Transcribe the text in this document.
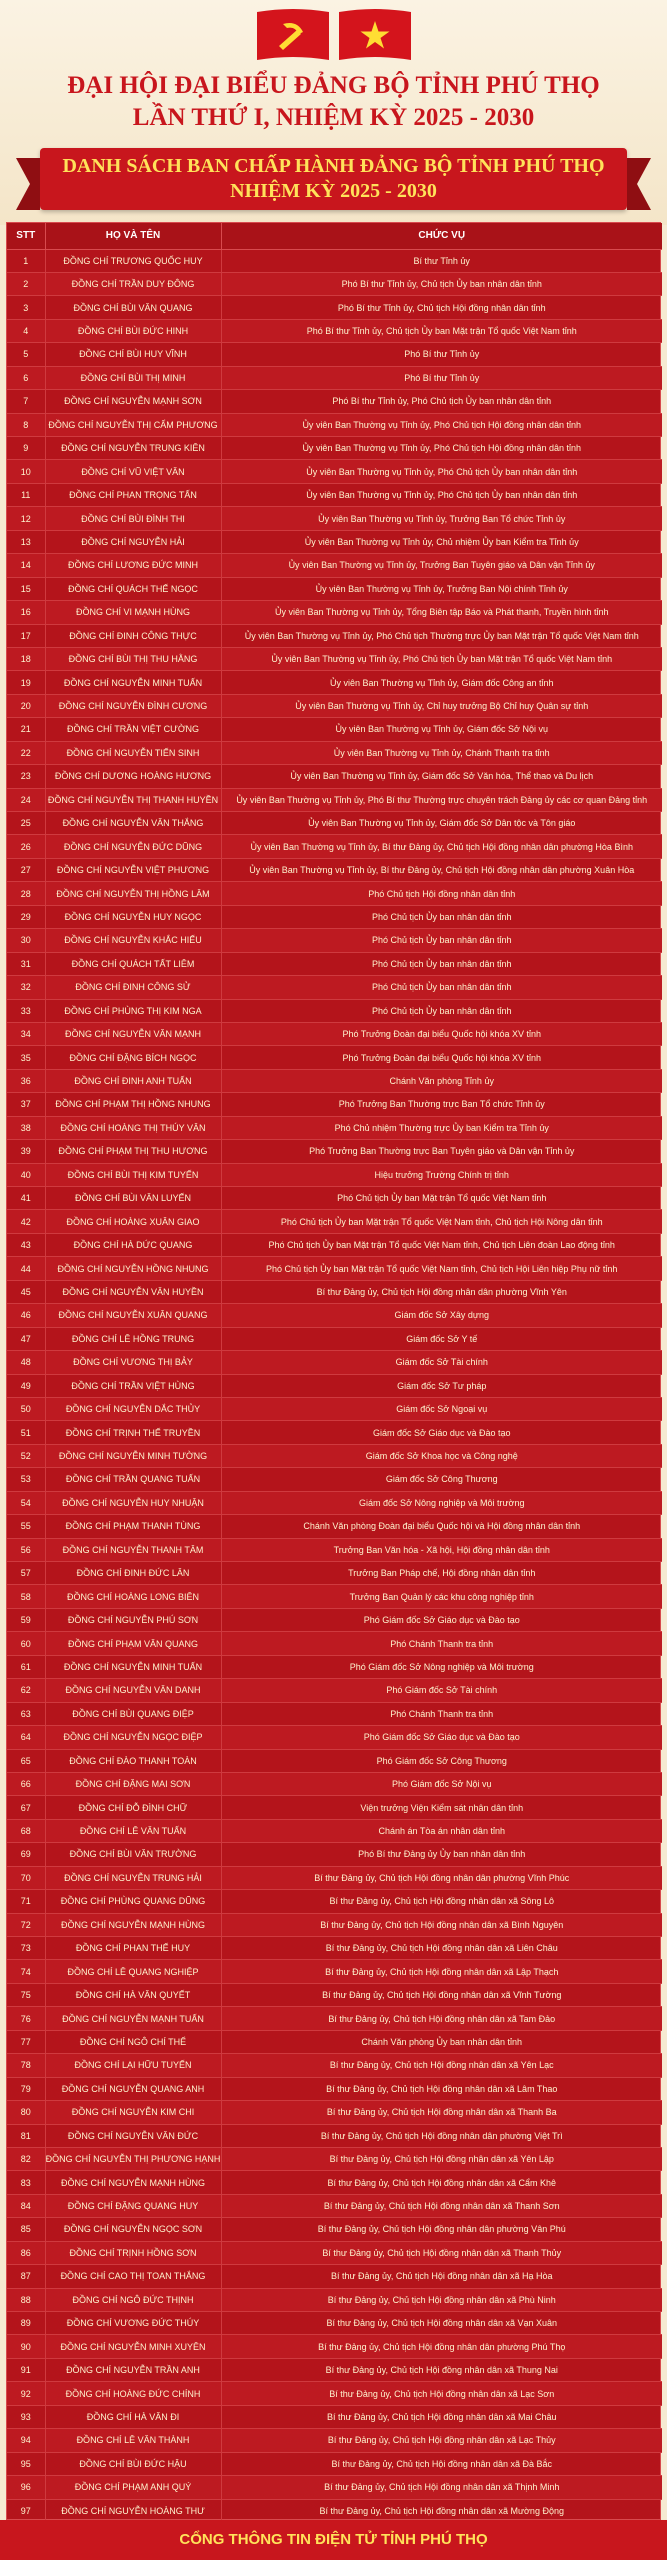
ĐẠI HỘI ĐẠI BIỂU ĐẢNG BỘ TỈNH PHÚ THỌ
LẦN THỨ I, NHIỆM KỲ 2025 - 2030
DANH SÁCH BAN CHẤP HÀNH ĐẢNG BỘ TỈNH PHÚ THỌ
NHIỆM KỲ 2025 - 2030
STT	HỌ VÀ TÊN	CHỨC VỤ
1	ĐỒNG CHÍ TRƯƠNG QUỐC HUY	Bí thư Tỉnh ủy
2	ĐỒNG CHÍ TRẦN DUY ĐÔNG	Phó Bí thư Tỉnh ủy, Chủ tịch Ủy ban nhân dân tỉnh
3	ĐỒNG CHÍ BÙI VĂN QUANG	Phó Bí thư Tỉnh ủy, Chủ tịch Hội đồng nhân dân tỉnh
4	ĐỒNG CHÍ BÙI ĐỨC HINH	Phó Bí thư Tỉnh ủy, Chủ tịch Ủy ban Mặt trận Tổ quốc Việt Nam tỉnh
5	ĐỒNG CHÍ BÙI HUY VĨNH	Phó Bí thư Tỉnh ủy
6	ĐỒNG CHÍ BÙI THỊ MINH	Phó Bí thư Tỉnh ủy
7	ĐỒNG CHÍ NGUYỄN MẠNH SƠN	Phó Bí thư Tỉnh ủy, Phó Chủ tịch Ủy ban nhân dân tỉnh
8	ĐỒNG CHÍ NGUYỄN THỊ CẨM PHƯƠNG	Ủy viên Ban Thường vụ Tỉnh ủy, Phó Chủ tịch Hội đồng nhân dân tỉnh
9	ĐỒNG CHÍ NGUYỄN TRUNG KIÊN	Ủy viên Ban Thường vụ Tỉnh ủy, Phó Chủ tịch Hội đồng nhân dân tỉnh
10	ĐỒNG CHÍ VŨ VIỆT VĂN	Ủy viên Ban Thường vụ Tỉnh ủy, Phó Chủ tịch Ủy ban nhân dân tỉnh
11	ĐỒNG CHÍ PHAN TRỌNG TẤN	Ủy viên Ban Thường vụ Tỉnh ủy, Phó Chủ tịch Ủy ban nhân dân tỉnh
12	ĐỒNG CHÍ BÙI ĐÌNH THI	Ủy viên Ban Thường vụ Tỉnh ủy, Trưởng Ban Tổ chức Tỉnh ủy
13	ĐỒNG CHÍ NGUYỄN HẢI	Ủy viên Ban Thường vụ Tỉnh ủy, Chủ nhiệm Ủy ban Kiểm tra Tỉnh ủy
14	ĐỒNG CHÍ LƯƠNG ĐỨC MINH	Ủy viên Ban Thường vụ Tỉnh ủy, Trưởng Ban Tuyên giáo và Dân vận Tỉnh ủy
15	ĐỒNG CHÍ QUÁCH THẾ NGỌC	Ủy viên Ban Thường vụ Tỉnh ủy, Trưởng Ban Nội chính Tỉnh ủy
16	ĐỒNG CHÍ VI MẠNH HÙNG	Ủy viên Ban Thường vụ Tỉnh ủy, Tổng Biên tập Báo và Phát thanh, Truyền hình tỉnh
17	ĐỒNG CHÍ ĐINH CÔNG THỰC	Ủy viên Ban Thường vụ Tỉnh ủy, Phó Chủ tịch Thường trực Ủy ban Mặt trận Tổ quốc Việt Nam tỉnh
18	ĐỒNG CHÍ BÙI THỊ THU HẰNG	Ủy viên Ban Thường vụ Tỉnh ủy, Phó Chủ tịch Ủy ban Mặt trận Tổ quốc Việt Nam tỉnh
19	ĐỒNG CHÍ NGUYỄN MINH TUẤN	Ủy viên Ban Thường vụ Tỉnh ủy, Giám đốc Công an tỉnh
20	ĐỒNG CHÍ NGUYỄN ĐÌNH CƯƠNG	Ủy viên Ban Thường vụ Tỉnh ủy, Chỉ huy trưởng Bộ Chỉ huy Quân sự tỉnh
21	ĐỒNG CHÍ TRẦN VIỆT CƯỜNG	Ủy viên Ban Thường vụ Tỉnh ủy, Giám đốc Sở Nội vụ
22	ĐỒNG CHÍ NGUYỄN TIẾN SINH	Ủy viên Ban Thường vụ Tỉnh ủy, Chánh Thanh tra tỉnh
23	ĐỒNG CHÍ DƯƠNG HOÀNG HƯƠNG	Ủy viên Ban Thường vụ Tỉnh ủy, Giám đốc Sở Văn hóa, Thể thao và Du lịch
24	ĐỒNG CHÍ NGUYỄN THỊ THANH HUYỀN	Ủy viên Ban Thường vụ Tỉnh ủy, Phó Bí thư Thường trực chuyên trách Đảng ủy các cơ quan Đảng tỉnh
25	ĐỒNG CHÍ NGUYỄN VĂN THẮNG	Ủy viên Ban Thường vụ Tỉnh ủy, Giám đốc Sở Dân tộc và Tôn giáo
26	ĐỒNG CHÍ NGUYỄN ĐỨC DŨNG	Ủy viên Ban Thường vụ Tỉnh ủy, Bí thư Đảng ủy, Chủ tịch Hội đồng nhân dân phường Hòa Bình
27	ĐỒNG CHÍ NGUYỄN VIỆT PHƯƠNG	Ủy viên Ban Thường vụ Tỉnh ủy, Bí thư Đảng ủy, Chủ tịch Hội đồng nhân dân phường Xuân Hòa
28	ĐỒNG CHÍ NGUYỄN THỊ HỒNG LÂM	Phó Chủ tịch Hội đồng nhân dân tỉnh
29	ĐỒNG CHÍ NGUYỄN HUY NGỌC	Phó Chủ tịch Ủy ban nhân dân tỉnh
30	ĐỒNG CHÍ NGUYỄN KHẮC HIẾU	Phó Chủ tịch Ủy ban nhân dân tỉnh
31	ĐỒNG CHÍ QUÁCH TẤT LIÊM	Phó Chủ tịch Ủy ban nhân dân tỉnh
32	ĐỒNG CHÍ ĐINH CÔNG SỬ	Phó Chủ tịch Ủy ban nhân dân tỉnh
33	ĐỒNG CHÍ PHÙNG THỊ KIM NGA	Phó Chủ tịch Ủy ban nhân dân tỉnh
34	ĐỒNG CHÍ NGUYỄN VĂN MẠNH	Phó Trưởng Đoàn đại biểu Quốc hội khóa XV tỉnh
35	ĐỒNG CHÍ ĐẶNG BÍCH NGỌC	Phó Trưởng Đoàn đại biểu Quốc hội khóa XV tỉnh
36	ĐỒNG CHÍ ĐINH ANH TUẤN	Chánh Văn phòng Tỉnh ủy
37	ĐỒNG CHÍ PHẠM THỊ HỒNG NHUNG	Phó Trưởng Ban Thường trực Ban Tổ chức Tỉnh ủy
38	ĐỒNG CHÍ HOÀNG THỊ THÚY VÂN	Phó Chủ nhiệm Thường trực Ủy ban Kiểm tra Tỉnh ủy
39	ĐỒNG CHÍ PHẠM THỊ THU HƯƠNG	Phó Trưởng Ban Thường trực Ban Tuyên giáo và Dân vận Tỉnh ủy
40	ĐỒNG CHÍ BÙI THỊ KIM TUYẾN	Hiệu trưởng Trường Chính trị tỉnh
41	ĐỒNG CHÍ BÙI VĂN LUYẾN	Phó Chủ tịch Ủy ban Mặt trận Tổ quốc Việt Nam tỉnh
42	ĐỒNG CHÍ HOÀNG XUÂN GIAO	Phó Chủ tịch Ủy ban Mặt trận Tổ quốc Việt Nam tỉnh, Chủ tịch Hội Nông dân tỉnh
43	ĐỒNG CHÍ HÀ DỨC QUANG	Phó Chủ tịch Ủy ban Mặt trận Tổ quốc Việt Nam tỉnh, Chủ tịch Liên đoàn Lao động tỉnh
44	ĐỒNG CHÍ NGUYỄN HỒNG NHUNG	Phó Chủ tịch Ủy ban Mặt trận Tổ quốc Việt Nam tỉnh, Chủ tịch Hội Liên hiệp Phụ nữ tỉnh
45	ĐỒNG CHÍ NGUYỄN VĂN HUYỀN	Bí thư Đảng ủy, Chủ tịch Hội đồng nhân dân phường Vĩnh Yên
46	ĐỒNG CHÍ NGUYỄN XUÂN QUANG	Giám đốc Sở Xây dựng
47	ĐỒNG CHÍ LÊ HỒNG TRUNG	Giám đốc Sở Y tế
48	ĐỒNG CHÍ VƯƠNG THỊ BẢY	Giám đốc Sở Tài chính
49	ĐỒNG CHÍ TRẦN VIỆT HÙNG	Giám đốc Sở Tư pháp
50	ĐỒNG CHÍ NGUYỄN DẮC THỦY	Giám đốc Sở Ngoại vụ
51	ĐỒNG CHÍ TRỊNH THẾ TRUYỀN	Giám đốc Sở Giáo dục và Đào tạo
52	ĐỒNG CHÍ NGUYỄN MINH TƯỜNG	Giám đốc Sở Khoa học và Công nghệ
53	ĐỒNG CHÍ TRẦN QUANG TUẤN	Giám đốc Sở Công Thương
54	ĐỒNG CHÍ NGUYỄN HUY NHUẬN	Giám đốc Sở Nông nghiệp và Môi trường
55	ĐỒNG CHÍ PHẠM THANH TÙNG	Chánh Văn phòng Đoàn đại biểu Quốc hội và Hội đồng nhân dân tỉnh
56	ĐỒNG CHÍ NGUYỄN THANH TÂM	Trưởng Ban Văn hóa - Xã hội, Hội đồng nhân dân tỉnh
57	ĐỒNG CHÍ ĐINH ĐỨC LÂN	Trưởng Ban Pháp chế, Hội đồng nhân dân tỉnh
58	ĐỒNG CHÍ HOÀNG LONG BIÊN	Trưởng Ban Quản lý các khu công nghiệp tỉnh
59	ĐỒNG CHÍ NGUYỄN PHÚ SƠN	Phó Giám đốc Sở Giáo dục và Đào tạo
60	ĐỒNG CHÍ PHẠM VĂN QUANG	Phó Chánh Thanh tra tỉnh
61	ĐỒNG CHÍ NGUYỄN MINH TUẤN	Phó Giám đốc Sở Nông nghiệp và Môi trường
62	ĐỒNG CHÍ NGUYỄN VĂN DANH	Phó Giám đốc Sở Tài chính
63	ĐỒNG CHÍ BÙI QUANG ĐIỆP	Phó Chánh Thanh tra tỉnh
64	ĐỒNG CHÍ NGUYỄN NGỌC ĐIỆP	Phó Giám đốc Sở Giáo dục và Đào tạo
65	ĐỒNG CHÍ ĐÀO THANH TOÀN	Phó Giám đốc Sở Công Thương
66	ĐỒNG CHÍ ĐẶNG MAI SƠN	Phó Giám đốc Sở Nội vụ
67	ĐỒNG CHÍ ĐỖ ĐÌNH CHỮ	Viện trưởng Viện Kiểm sát nhân dân tỉnh
68	ĐỒNG CHÍ LÊ VĂN TUẤN	Chánh án Tòa án nhân dân tỉnh
69	ĐỒNG CHÍ BÙI VĂN TRƯỜNG	Phó Bí thư Đảng ủy Ủy ban nhân dân tỉnh
70	ĐỒNG CHÍ NGUYỄN TRUNG HẢI	Bí thư Đảng ủy, Chủ tịch Hội đồng nhân dân phường Vĩnh Phúc
71	ĐỒNG CHÍ PHÙNG QUANG DŨNG	Bí thư Đảng ủy, Chủ tịch Hội đồng nhân dân xã Sông Lô
72	ĐỒNG CHÍ NGUYỄN MẠNH HÙNG	Bí thư Đảng ủy, Chủ tịch Hội đồng nhân dân xã Bình Nguyên
73	ĐỒNG CHÍ PHAN THẾ HUY	Bí thư Đảng ủy, Chủ tịch Hội đồng nhân dân xã Liên Châu
74	ĐỒNG CHÍ LÊ QUANG NGHIỆP	Bí thư Đảng ủy, Chủ tịch Hội đồng nhân dân xã Lập Thạch
75	ĐỒNG CHÍ HÀ VĂN QUYẾT	Bí thư Đảng ủy, Chủ tịch Hội đồng nhân dân xã Vĩnh Tường
76	ĐỒNG CHÍ NGUYỄN MẠNH TUẤN	Bí thư Đảng ủy, Chủ tịch Hội đồng nhân dân xã Tam Đảo
77	ĐỒNG CHÍ NGÔ CHÍ THỂ	Chánh Văn phòng Ủy ban nhân dân tỉnh
78	ĐỒNG CHÍ LẠI HỮU TUYẾN	Bí thư Đảng ủy, Chủ tịch Hội đồng nhân dân xã Yên Lạc
79	ĐỒNG CHÍ NGUYỄN QUANG ANH	Bí thư Đảng ủy, Chủ tịch Hội đồng nhân dân xã Lâm Thao
80	ĐỒNG CHÍ NGUYỄN KIM CHI	Bí thư Đảng ủy, Chủ tịch Hội đồng nhân dân xã Thanh Ba
81	ĐỒNG CHÍ NGUYỄN VĂN ĐỨC	Bí thư Đảng ủy, Chủ tịch Hội đồng nhân dân phường Việt Trì
82	ĐỒNG CHÍ NGUYỄN THỊ PHƯƠNG HẠNH	Bí thư Đảng ủy, Chủ tịch Hội đồng nhân dân xã Yên Lập
83	ĐỒNG CHÍ NGUYỄN MẠNH HÙNG	Bí thư Đảng ủy, Chủ tịch Hội đồng nhân dân xã Cẩm Khê
84	ĐỒNG CHÍ ĐẶNG QUANG HUY	Bí thư Đảng ủy, Chủ tịch Hội đồng nhân dân xã Thanh Sơn
85	ĐỒNG CHÍ NGUYỄN NGỌC SƠN	Bí thư Đảng ủy, Chủ tịch Hội đồng nhân dân phường Vân Phú
86	ĐỒNG CHÍ TRỊNH HỒNG SƠN	Bí thư Đảng ủy, Chủ tịch Hội đồng nhân dân xã Thanh Thủy
87	ĐỒNG CHÍ CAO THỊ TOAN THẮNG	Bí thư Đảng ủy, Chủ tịch Hội đồng nhân dân xã Hạ Hòa
88	ĐỒNG CHÍ NGÔ ĐỨC THỊNH	Bí thư Đảng ủy, Chủ tịch Hội đồng nhân dân xã Phù Ninh
89	ĐỒNG CHÍ VƯƠNG ĐỨC THÚY	Bí thư Đảng ủy, Chủ tịch Hội đồng nhân dân xã Vạn Xuân
90	ĐỒNG CHÍ NGUYỄN MINH XUYÊN	Bí thư Đảng ủy, Chủ tịch Hội đồng nhân dân phường Phú Thọ
91	ĐỒNG CHÍ NGUYỄN TRẦN ANH	Bí thư Đảng ủy, Chủ tịch Hội đồng nhân dân xã Thung Nai
92	ĐỒNG CHÍ HOÀNG ĐỨC CHÍNH	Bí thư Đảng ủy, Chủ tịch Hội đồng nhân dân xã Lạc Sơn
93	ĐỒNG CHÍ HÀ VĂN ĐI	Bí thư Đảng ủy, Chủ tịch Hội đồng nhân dân xã Mai Châu
94	ĐỒNG CHÍ LÊ VĂN THÀNH	Bí thư Đảng ủy, Chủ tịch Hội đồng nhân dân xã Lạc Thủy
95	ĐỒNG CHÍ BÙI ĐỨC HẬU	Bí thư Đảng ủy, Chủ tịch Hội đồng nhân dân xã Đà Bắc
96	ĐỒNG CHÍ PHẠM ANH QUÝ	Bí thư Đảng ủy, Chủ tịch Hội đồng nhân dân xã Thịnh Minh
97	ĐỒNG CHÍ NGUYỄN HOÀNG THƯ	Bí thư Đảng ủy, Chủ tịch Hội đồng nhân dân xã Mường Động
CỔNG THÔNG TIN ĐIỆN TỬ TỈNH PHÚ THỌ
